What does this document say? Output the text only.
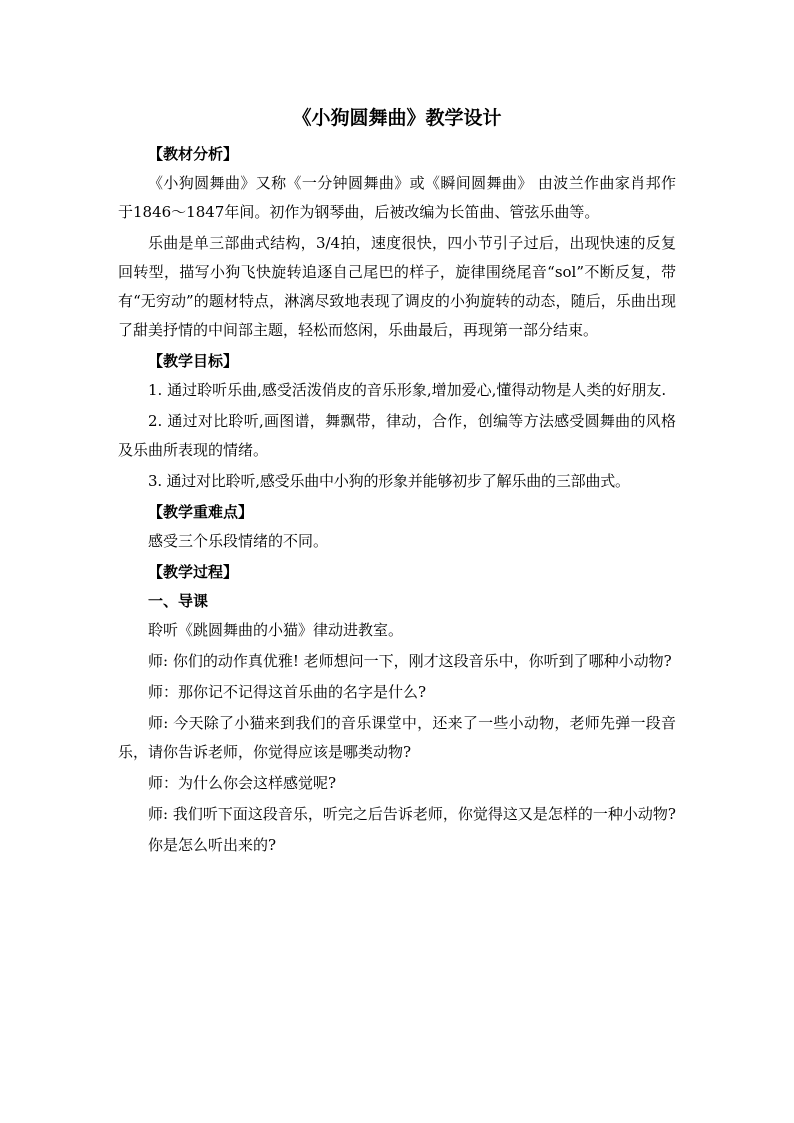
《小狗圆舞曲》教学设计

【教材分析】

《小狗圆舞曲》又称《一分钟圆舞曲》或《瞬间圆舞曲》 由波兰作曲家肖邦作于1846～1847年间。初作为钢琴曲，后被改编为长笛曲、管弦乐曲等。

乐曲是单三部曲式结构，3/4拍，速度很快，四小节引子过后，出现快速的反复回转型，描写小狗飞快旋转追逐自己尾巴的样子，旋律围绕尾音“sol”不断反复，带有“无穷动”的题材特点，淋漓尽致地表现了调皮的小狗旋转的动态，随后，乐曲出现了甜美抒情的中间部主题，轻松而悠闲，乐曲最后，再现第一部分结束。

【教学目标】

1. 通过聆听乐曲,感受活泼俏皮的音乐形象,增加爱心,懂得动物是人类的好朋友.

2. 通过对比聆听,画图谱，舞飘带，律动，合作，创编等方法感受圆舞曲的风格及乐曲所表现的情绪。

3. 通过对比聆听,感受乐曲中小狗的形象并能够初步了解乐曲的三部曲式。

【教学重难点】

感受三个乐段情绪的不同。

【教学过程】

一、导课

聆听《跳圆舞曲的小猫》律动进教室。

师: 你们的动作真优雅! 老师想问一下，刚才这段音乐中，你听到了哪种小动物?

师：那你记不记得这首乐曲的名字是什么?

师: 今天除了小猫来到我们的音乐课堂中，还来了一些小动物，老师先弹一段音乐，请你告诉老师，你觉得应该是哪类动物?

师：为什么你会这样感觉呢?

师: 我们听下面这段音乐，听完之后告诉老师，你觉得这又是怎样的一种小动物?

你是怎么听出来的?
